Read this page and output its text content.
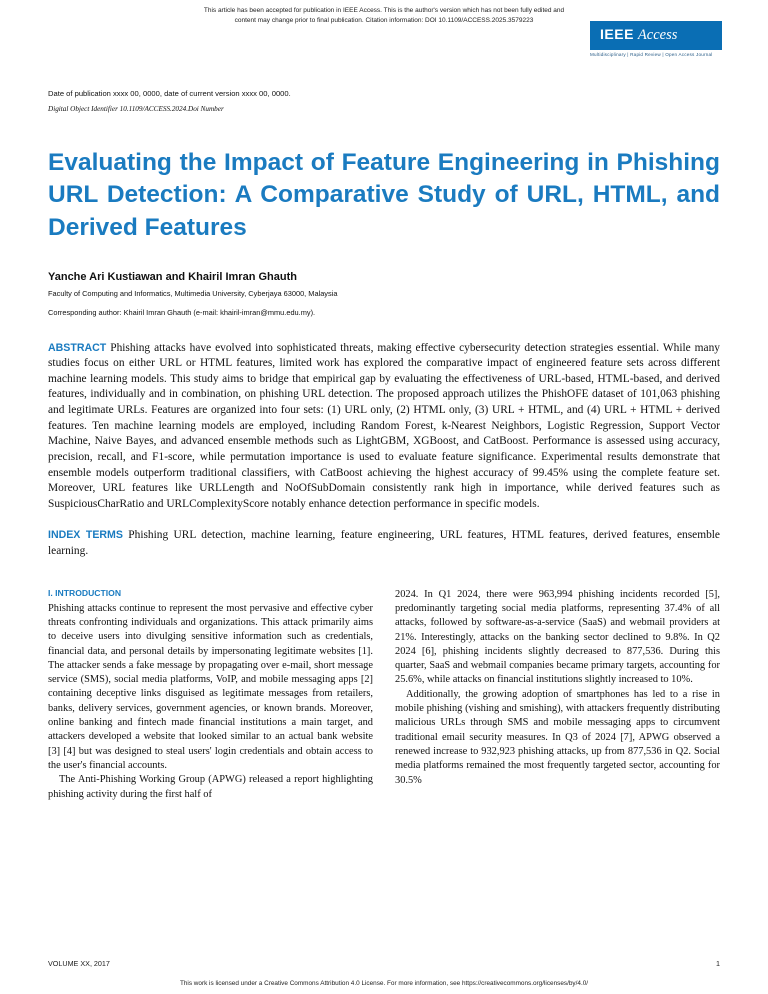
This article has been accepted for publication in IEEE Access. This is the author's version which has not been fully edited and
content may change prior to final publication. Citation information: DOI 10.1109/ACCESS.2025.3579223
IEEE Access
Multidisciplinary | Rapid Review | Open Access Journal
Date of publication xxxx 00, 0000, date of current version xxxx 00, 0000.
Digital Object Identifier 10.1109/ACCESS.2024.Doi Number
Evaluating the Impact of Feature Engineering in Phishing URL Detection: A Comparative Study of URL, HTML, and Derived Features
Yanche Ari Kustiawan and Khairil Imran Ghauth
Faculty of Computing and Informatics, Multimedia University, Cyberjaya 63000, Malaysia
Corresponding author: Khairil Imran Ghauth (e-mail: khairil-imran@mmu.edu.my).

ABSTRACT Phishing attacks have evolved into sophisticated threats, making effective cybersecurity detection strategies essential. While many studies focus on either URL or HTML features, limited work has explored the comparative impact of engineered feature sets across different machine learning models. This study aims to bridge that empirical gap by evaluating the effectiveness of URL-based, HTML-based, and derived features, individually and in combination, on phishing URL detection. The proposed approach utilizes the PhishOFE dataset of 101,063 phishing and legitimate URLs. Features are organized into four sets: (1) URL only, (2) HTML only, (3) URL + HTML, and (4) URL + HTML + derived features. Ten machine learning models are employed, including Random Forest, k-Nearest Neighbors, Logistic Regression, Support Vector Machine, Naive Bayes, and advanced ensemble methods such as LightGBM, XGBoost, and CatBoost. Performance is assessed using accuracy, precision, recall, and F1-score, while permutation importance is used to evaluate feature significance. Experimental results demonstrate that ensemble models outperform traditional classifiers, with CatBoost achieving the highest accuracy of 99.45% using the complete feature set. Moreover, URL features like URLLength and NoOfSubDomain consistently rank high in importance, while derived features such as SuspiciousCharRatio and URLComplexityScore notably enhance detection performance in specific models.

INDEX TERMS Phishing URL detection, machine learning, feature engineering, URL features, HTML features, derived features, ensemble learning.

I. INTRODUCTION

Phishing attacks continue to represent the most pervasive and effective cyber threats confronting individuals and organizations. This attack primarily aims to deceive users into divulging sensitive information such as credentials, financial data, and personal details by impersonating legitimate websites [1]. The attacker sends a fake message by propagating over e-mail, short message service (SMS), social media platforms, VoIP, and mobile messaging apps [2] containing deceptive links disguised as legitimate messages from retailers, banks, delivery services, government agencies, or known brands. Moreover, online banking and fintech made financial institutions a main target, and attackers developed a website that looked similar to an actual bank website [3] [4] but was designed to steal users' login credentials and obtain access to the user's financial accounts.

The Anti-Phishing Working Group (APWG) released a report highlighting phishing activity during the first half of

2024. In Q1 2024, there were 963,994 phishing incidents recorded [5], predominantly targeting social media platforms, representing 37.4% of all attacks, followed by software-as-a-service (SaaS) and webmail providers at 21%. Interestingly, attacks on the banking sector declined to 9.8%. In Q2 2024 [6], phishing incidents slightly decreased to 877,536. During this quarter, SaaS and webmail companies became primary targets, accounting for 25.6%, while attacks on financial institutions slightly increased to 10%.

Additionally, the growing adoption of smartphones has led to a rise in mobile phishing (vishing and smishing), with attackers frequently distributing malicious URLs through SMS and mobile messaging apps to circumvent traditional email security measures. In Q3 of 2024 [7], APWG observed a renewed increase to 932,923 phishing attacks, up from 877,536 in Q2. Social media platforms remained the most frequently targeted sector, accounting for 30.5%

VOLUME XX, 2017	1
This work is licensed under a Creative Commons Attribution 4.0 License. For more information, see https://creativecommons.org/licenses/by/4.0/
